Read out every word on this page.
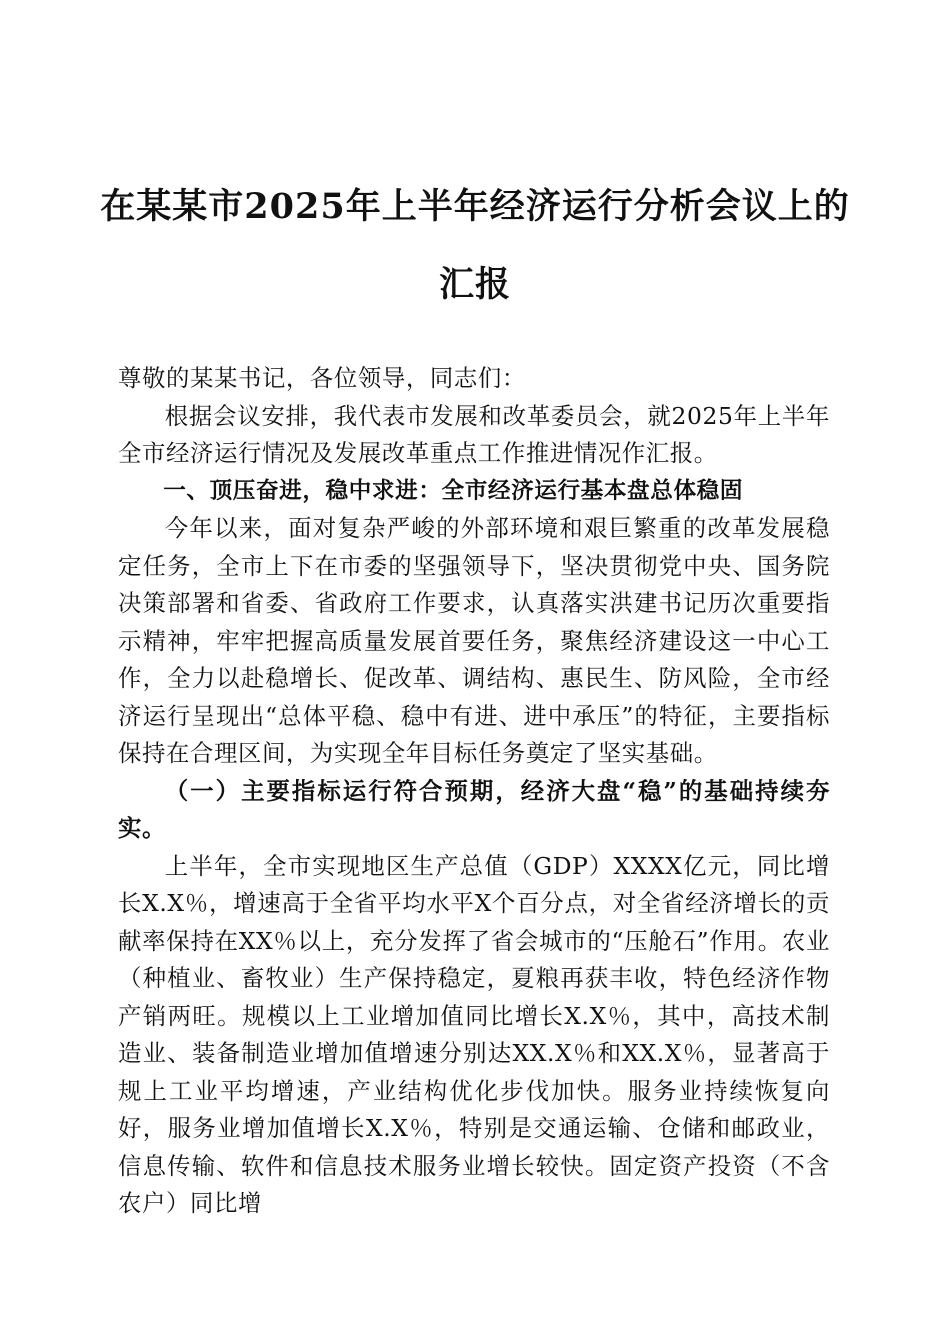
在某某市2025年上半年经济运行分析会议上的汇报

尊敬的某某书记，各位领导，同志们：

根据会议安排，我代表市发展和改革委员会，就2025年上半年全市经济运行情况及发展改革重点工作推进情况作汇报。

一、顶压奋进，稳中求进：全市经济运行基本盘总体稳固

今年以来，面对复杂严峻的外部环境和艰巨繁重的改革发展稳定任务，全市上下在市委的坚强领导下，坚决贯彻党中央、国务院决策部署和省委、省政府工作要求，认真落实洪建书记历次重要指示精神，牢牢把握高质量发展首要任务，聚焦经济建设这一中心工作，全力以赴稳增长、促改革、调结构、惠民生、防风险，全市经济运行呈现出“总体平稳、稳中有进、进中承压”的特征，主要指标保持在合理区间，为实现全年目标任务奠定了坚实基础。

（一）主要指标运行符合预期，经济大盘“稳”的基础持续夯实。

上半年，全市实现地区生产总值（GDP）XXXX亿元，同比增长X.X％，增速高于全省平均水平X个百分点，对全省经济增长的贡献率保持在XX％以上，充分发挥了省会城市的“压舱石”作用。农业（种植业、畜牧业）生产保持稳定，夏粮再获丰收，特色经济作物产销两旺。规模以上工业增加值同比增长X.X％，其中，高技术制造业、装备制造业增加值增速分别达XX.X％和XX.X％，显著高于规上工业平均增速，产业结构优化步伐加快。服务业持续恢复向好，服务业增加值增长X.X％，特别是交通运输、仓储和邮政业，信息传输、软件和信息技术服务业增长较快。固定资产投资（不含农户）同比增
